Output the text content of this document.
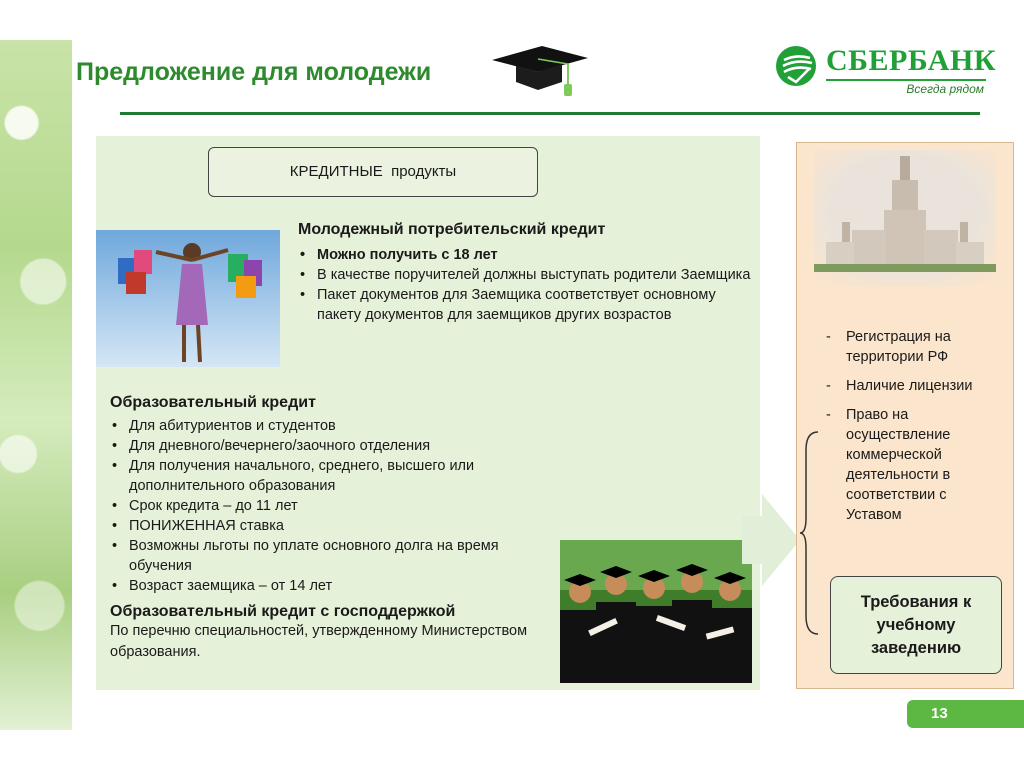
Предложение для молодежи	СБЕРБАНК
Всегда рядом
КРЕДИТНЫЕ продукты
Молодежный потребительский кредит
• Можно получить с 18 лет
• В качестве поручителей должны выступать родители Заемщика
• Пакет документов для Заемщика соответствует основному пакету документов для заемщиков других возрастов
Образовательный кредит
• Для абитуриентов и студентов
• Для дневного/вечернего/заочного отделения
• Для получения начального, среднего, высшего или дополнительного образования
• Срок кредита – до 11 лет
• ПОНИЖЕННАЯ ставка
• Возможны льготы по уплате основного долга на время обучения
• Возраст заемщика – от 14 лет
Образовательный кредит с господдержкой
По перечню специальностей, утвержденному Министерством образования.
- Регистрация на территории РФ
- Наличие лицензии
- Право на осуществление коммерческой деятельности в соответствии с Уставом
Требования к учебному заведению
13
